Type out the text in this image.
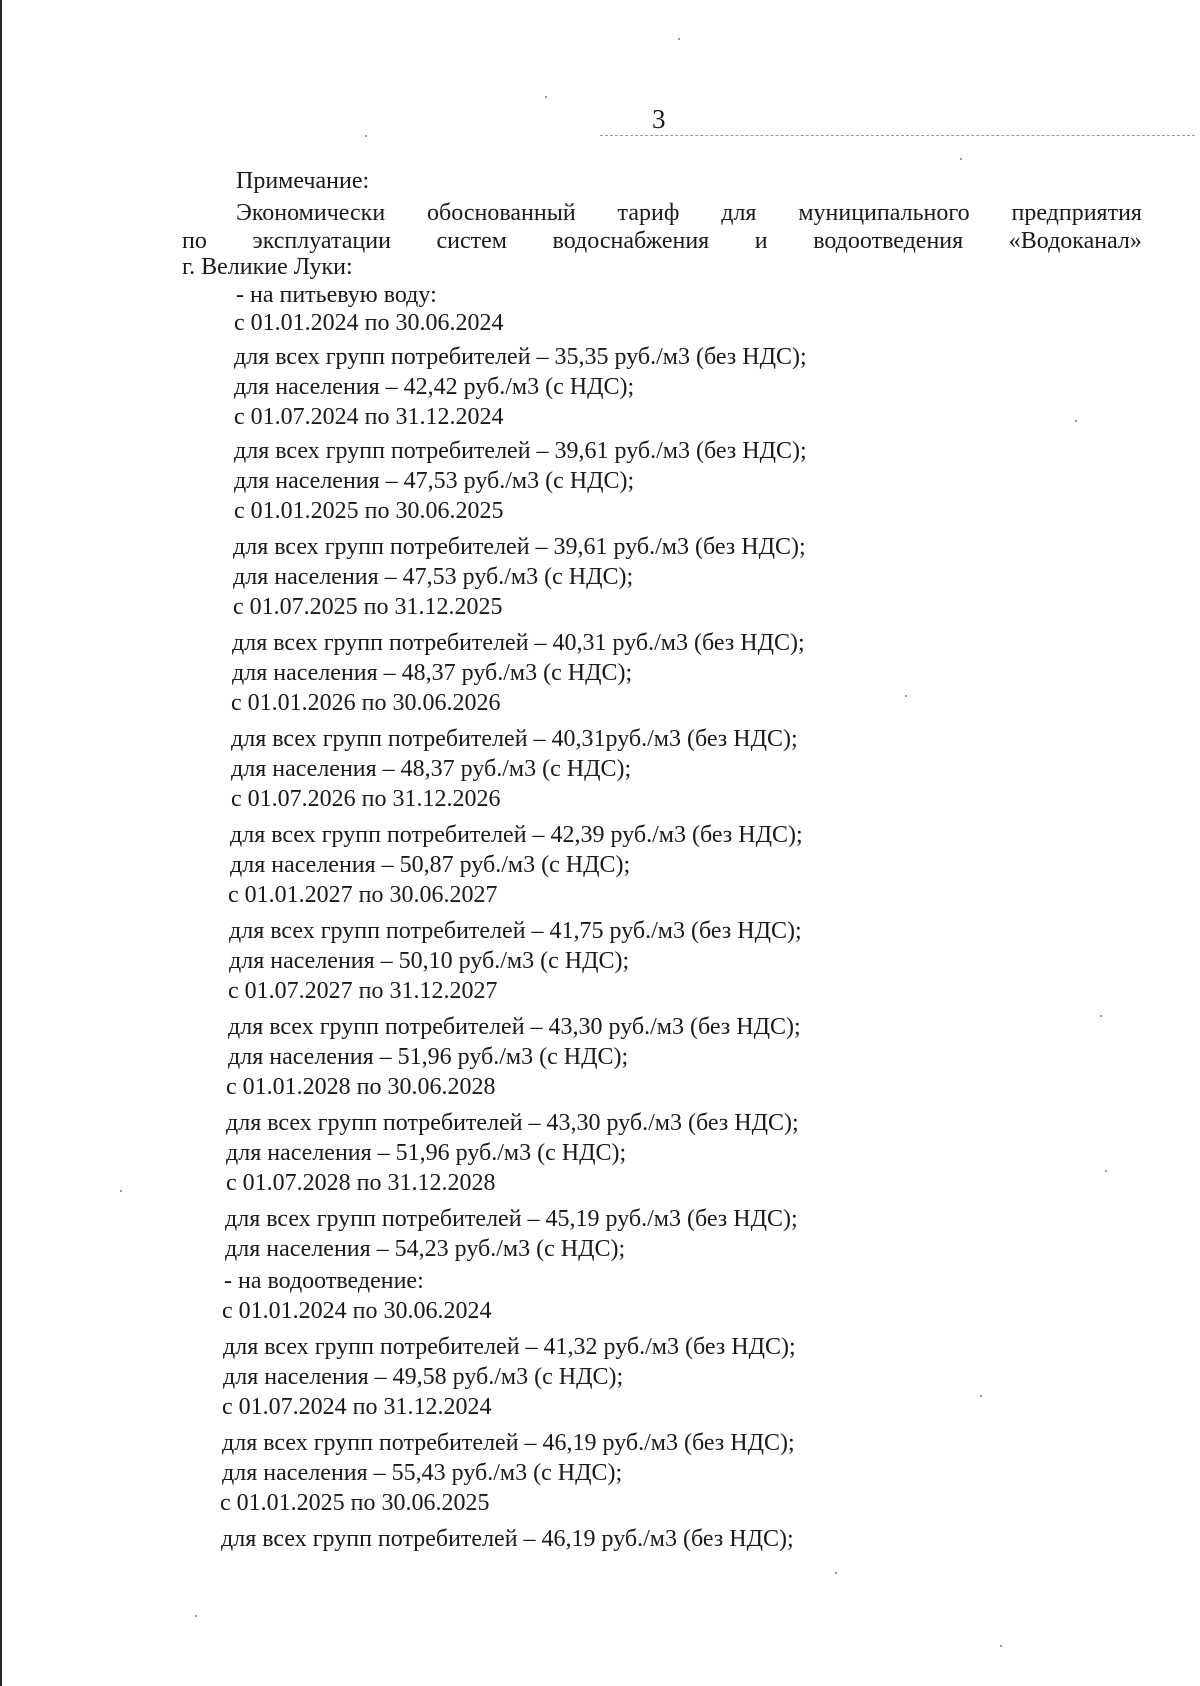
3
Примечание:
Экономически обоснованный тариф для муниципального предприятия
по эксплуатации систем водоснабжения и водоотведения «Водоканал»
г. Великие Луки:
- на питьевую воду:
с 01.01.2024 по 30.06.2024
для всех групп потребителей – 35,35 руб./м3 (без НДС);
для населения – 42,42 руб./м3 (с НДС);
с 01.07.2024 по 31.12.2024
для всех групп потребителей – 39,61 руб./м3 (без НДС);
для населения – 47,53 руб./м3 (с НДС);
с 01.01.2025 по 30.06.2025
для всех групп потребителей – 39,61 руб./м3 (без НДС);
для населения – 47,53 руб./м3 (с НДС);
с 01.07.2025 по 31.12.2025
для всех групп потребителей – 40,31 руб./м3 (без НДС);
для населения – 48,37 руб./м3 (с НДС);
с 01.01.2026 по 30.06.2026
для всех групп потребителей – 40,31руб./м3 (без НДС);
для населения – 48,37 руб./м3 (с НДС);
с 01.07.2026 по 31.12.2026
для всех групп потребителей – 42,39 руб./м3 (без НДС);
для населения – 50,87 руб./м3 (с НДС);
с 01.01.2027 по 30.06.2027
для всех групп потребителей – 41,75 руб./м3 (без НДС);
для населения – 50,10 руб./м3 (с НДС);
с 01.07.2027 по 31.12.2027
для всех групп потребителей – 43,30 руб./м3 (без НДС);
для населения – 51,96 руб./м3 (с НДС);
с 01.01.2028 по 30.06.2028
для всех групп потребителей – 43,30 руб./м3 (без НДС);
для населения – 51,96 руб./м3 (с НДС);
с 01.07.2028 по 31.12.2028
для всех групп потребителей – 45,19 руб./м3 (без НДС);
для населения – 54,23 руб./м3 (с НДС);
- на водоотведение:
с 01.01.2024 по 30.06.2024
для всех групп потребителей – 41,32 руб./м3 (без НДС);
для населения – 49,58 руб./м3 (с НДС);
с 01.07.2024 по 31.12.2024
для всех групп потребителей – 46,19 руб./м3 (без НДС);
для населения – 55,43 руб./м3 (с НДС);
с 01.01.2025 по 30.06.2025
для всех групп потребителей – 46,19 руб./м3 (без НДС);
